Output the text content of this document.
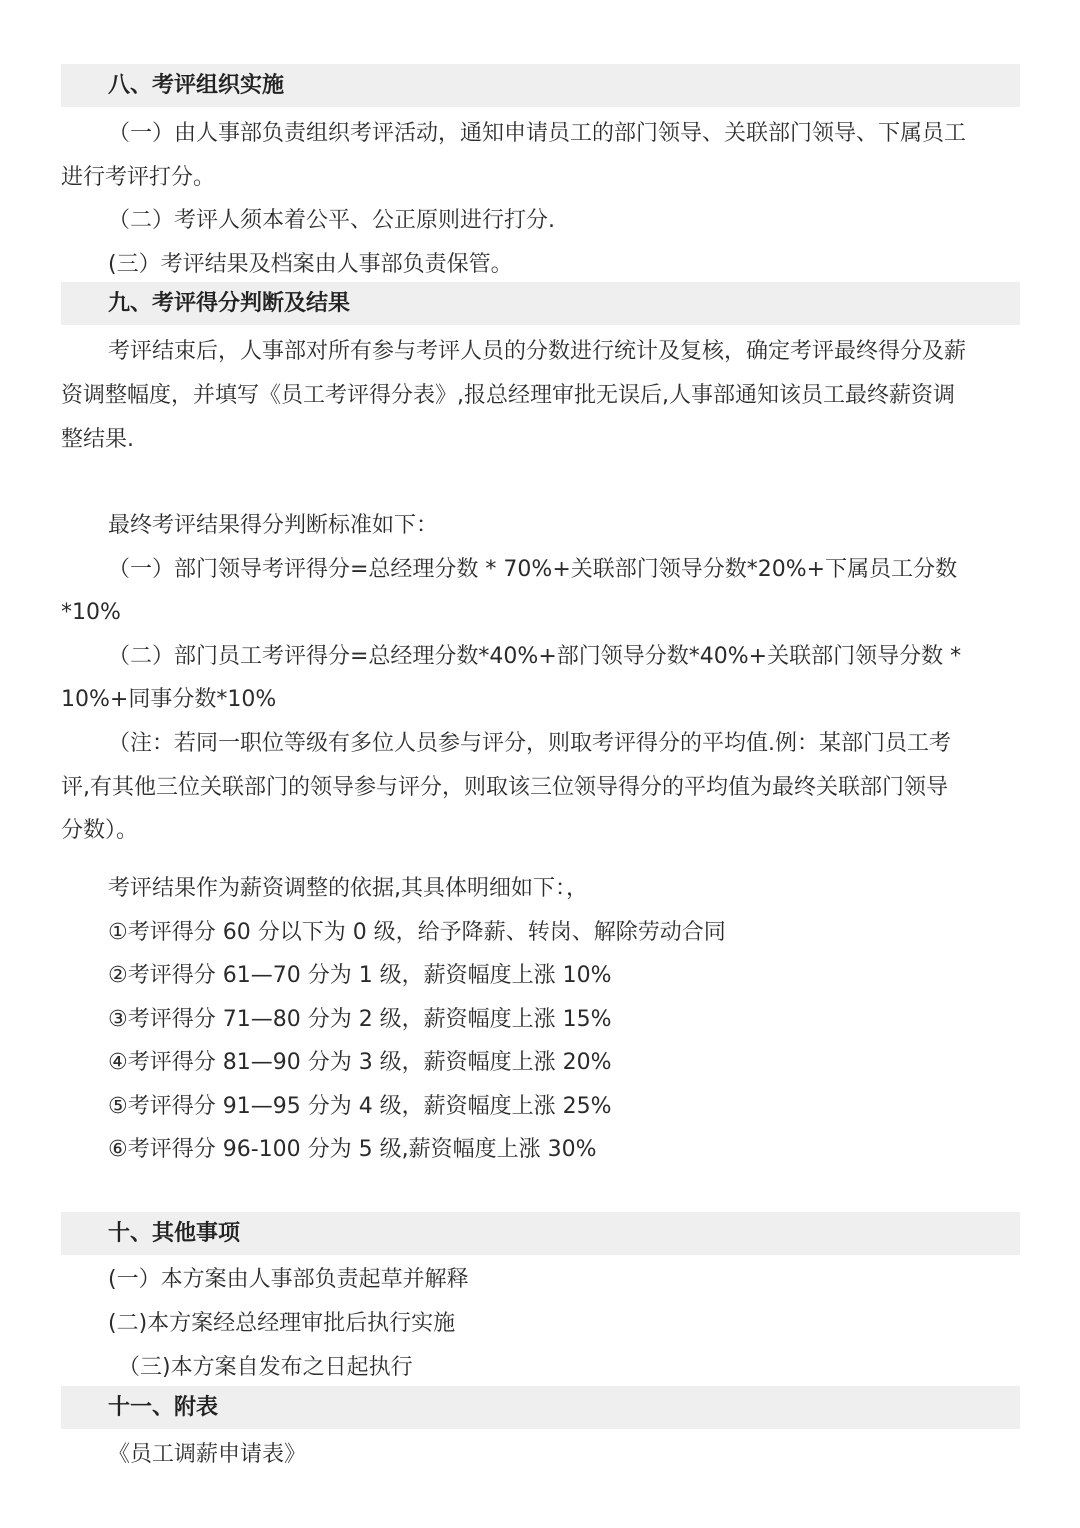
八、考评组织实施
（一）由人事部负责组织考评活动，通知申请员工的部门领导、关联部门领导、下属员工
进行考评打分。
（二）考评人须本着公平、公正原则进行打分.
(三）考评结果及档案由人事部负责保管。
九、考评得分判断及结果
考评结束后，人事部对所有参与考评人员的分数进行统计及复核，确定考评最终得分及薪
资调整幅度，并填写《员工考评得分表》,报总经理审批无误后,人事部通知该员工最终薪资调
整结果.
最终考评结果得分判断标准如下：
（一）部门领导考评得分=总经理分数 * 70%+关联部门领导分数*20%+下属员工分数
*10%
（二）部门员工考评得分=总经理分数*40%+部门领导分数*40%+关联部门领导分数 *
10%+同事分数*10%
（注：若同一职位等级有多位人员参与评分，则取考评得分的平均值.例：某部门员工考
评,有其他三位关联部门的领导参与评分，则取该三位领导得分的平均值为最终关联部门领导
分数）。
考评结果作为薪资调整的依据,其具体明细如下：，
①考评得分 60 分以下为 0 级，给予降薪、转岗、解除劳动合同
②考评得分 61—70 分为 1 级，薪资幅度上涨 10%
③考评得分 71—80 分为 2 级，薪资幅度上涨 15%
④考评得分 81—90 分为 3 级，薪资幅度上涨 20%
⑤考评得分 91—95 分为 4 级，薪资幅度上涨 25%
⑥考评得分 96-100 分为 5 级,薪资幅度上涨 30%
十、其他事项
(一）本方案由人事部负责起草并解释
(二)本方案经总经理审批后执行实施
（三)本方案自发布之日起执行
十一、附表
《员工调薪申请表》
